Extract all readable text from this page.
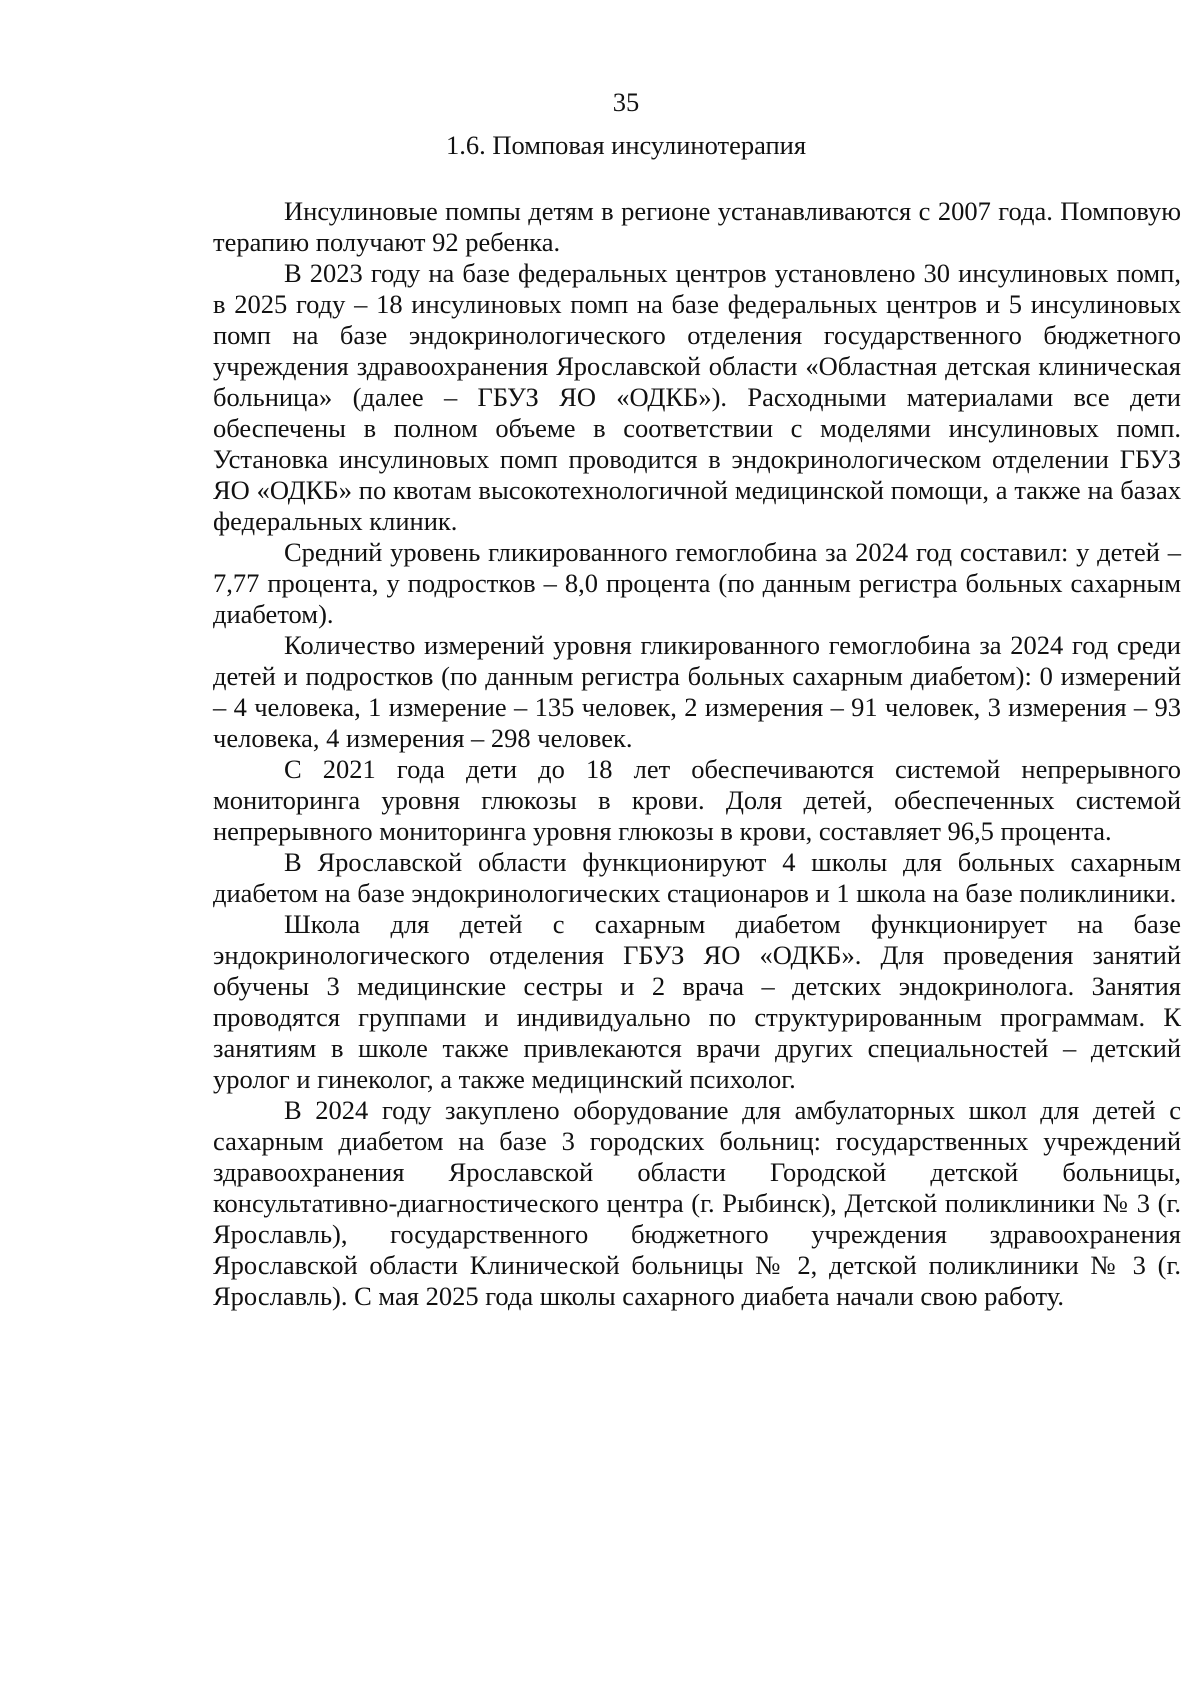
35
1.6. Помповая инсулинотерапия

Инсулиновые помпы детям в регионе устанавливаются с 2007 года. Помповую терапию получают 92 ребенка.

В 2023 году на базе федеральных центров установлено 30 инсулиновых помп, в 2025 году – 18 инсулиновых помп на базе федеральных центров и 5 инсулиновых помп на базе эндокринологического отделения государственного бюджетного учреждения здравоохранения Ярославской области «Областная детская клиническая больница» (далее – ГБУЗ ЯО «ОДКБ»). Расходными материалами все дети обеспечены в полном объеме в соответствии с моделями инсулиновых помп. Установка инсулиновых помп проводится в эндокринологическом отделении ГБУЗ ЯО «ОДКБ» по квотам высокотехнологичной медицинской помощи, а также на базах федеральных клиник.

Средний уровень гликированного гемоглобина за 2024 год составил: у детей – 7,77 процента, у подростков – 8,0 процента (по данным регистра больных сахарным диабетом).

Количество измерений уровня гликированного гемоглобина за 2024 год среди детей и подростков (по данным регистра больных сахарным диабетом): 0 измерений – 4 человека, 1 измерение – 135 человек, 2 измерения – 91 человек, 3 измерения – 93 человека, 4 измерения – 298 человек.

С 2021 года дети до 18 лет обеспечиваются системой непрерывного мониторинга уровня глюкозы в крови. Доля детей, обеспеченных системой непрерывного мониторинга уровня глюкозы в крови, составляет 96,5 процента.

В Ярославской области функционируют 4 школы для больных сахарным диабетом на базе эндокринологических стационаров и 1 школа на базе поликлиники.

Школа для детей с сахарным диабетом функционирует на базе эндокринологического отделения ГБУЗ ЯО «ОДКБ». Для проведения занятий обучены 3 медицинские сестры и 2 врача – детских эндокринолога. Занятия проводятся группами и индивидуально по структурированным программам. К занятиям в школе также привлекаются врачи других специальностей – детский уролог и гинеколог, а также медицинский психолог.

В 2024 году закуплено оборудование для амбулаторных школ для детей с сахарным диабетом на базе 3 городских больниц: государственных учреждений здравоохранения Ярославской области Городской детской больницы, консультативно-диагностического центра (г. Рыбинск), Детской поликлиники № 3 (г. Ярославль), государственного бюджетного учреждения здравоохранения Ярославской области Клинической больницы № 2, детской поликлиники № 3 (г. Ярославль). С мая 2025 года школы сахарного диабета начали свою работу.
